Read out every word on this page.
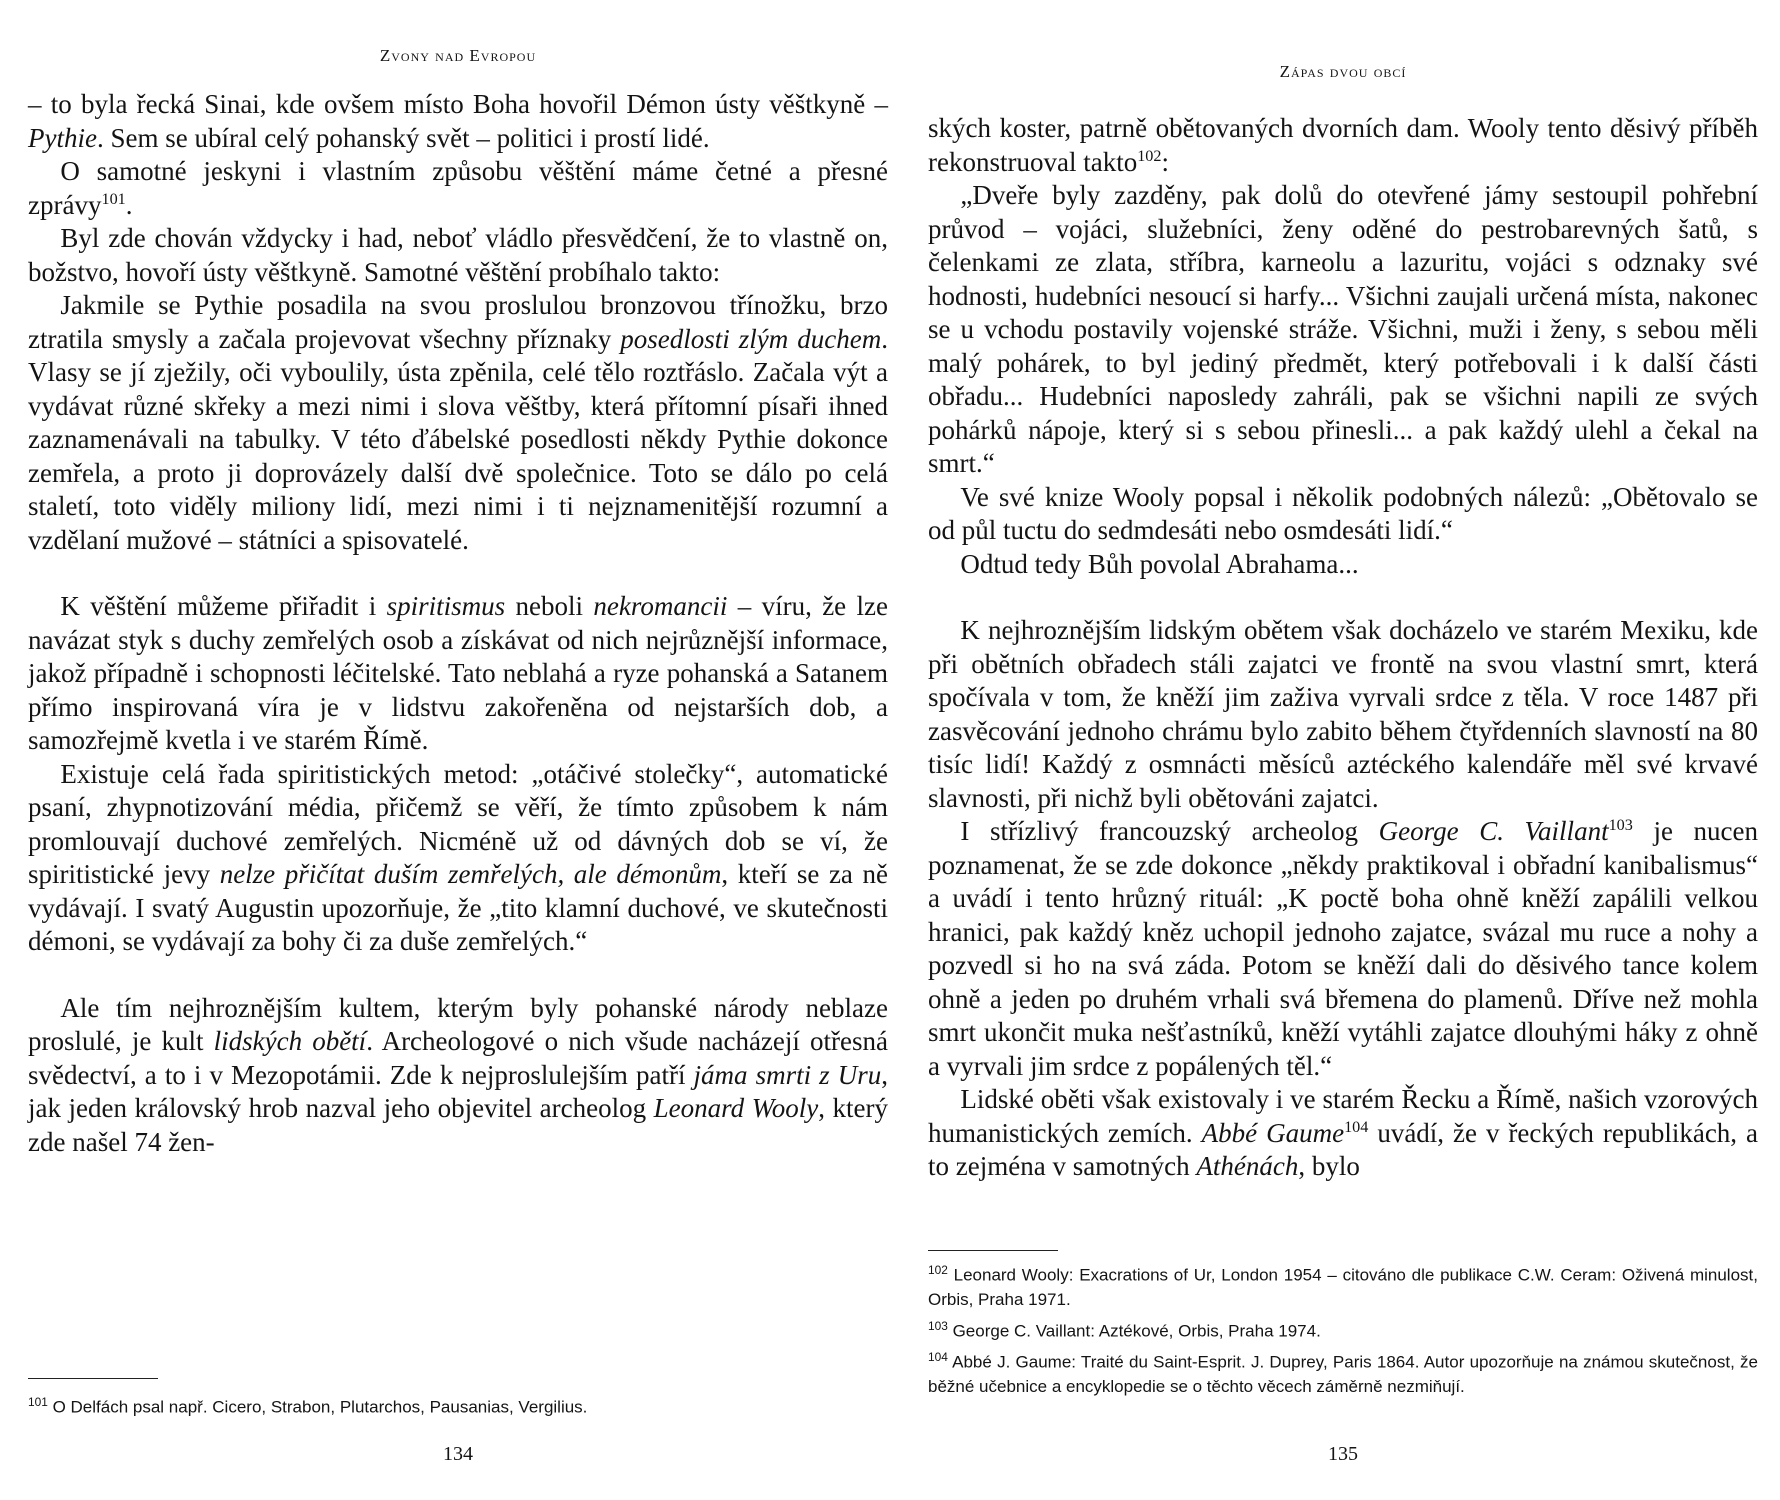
Zvony nad Evropou

– to byla řecká Sinai, kde ovšem místo Boha hovořil Démon ústy věštkyně – Pythie. Sem se ubíral celý pohanský svět – politici i prostí lidé.

O samotné jeskyni i vlastním způsobu věštění máme četné a přesné zprávy$^{101}$.

Byl zde chován vždycky i had, neboť vládlo přesvědčení, že to vlastně on, božstvo, hovoří ústy věštkyně. Samotné věštění probíhalo takto:

Jakmile se Pythie posadila na svou proslulou bronzovou třínožku, brzo ztratila smysly a začala projevovat všechny příznaky posedlosti zlým duchem. Vlasy se jí zježily, oči vyboulily, ústa zpěnila, celé tělo roztřáslo. Začala výt a vydávat různé skřeky a mezi nimi i slova věštby, která přítomní písaři ihned zaznamenávali na tabulky. V této ďábelské posedlosti někdy Pythie dokonce zemřela, a proto ji doprovázely další dvě společnice. Toto se dálo po celá staletí, toto viděly miliony lidí, mezi nimi i ti nejznamenitější rozumní a vzdělaní mužové – státníci a spisovatelé.

K věštění můžeme přiřadit i spiritismus neboli nekromancii – víru, že lze navázat styk s duchy zemřelých osob a získávat od nich nejrůznější informace, jakož případně i schopnosti léčitelské. Tato neblahá a ryze pohanská a Satanem přímo inspirovaná víra je v lidstvu zakořeněna od nejstarších dob, a samozřejmě kvetla i ve starém Římě.

Existuje celá řada spiritistických metod: „otáčivé stolečky“, automatické psaní, zhypnotizování média, přičemž se věří, že tímto způsobem k nám promlouvají duchové zemřelých. Nicméně už od dávných dob se ví, že spiritistické jevy nelze přičítat duším zemřelých, ale démonům, kteří se za ně vydávají. I svatý Augustin upozorňuje, že „tito klamní duchové, ve skutečnosti démoni, se vydávají za bohy či za duše zemřelých.“

Ale tím nejhroznějším kultem, kterým byly pohanské národy neblaze proslulé, je kult lidských obětí. Archeologové o nich všude nacházejí otřesná svědectví, a to i v Mezopotámii. Zde k nejproslulejším patří jáma smrti z Uru, jak jeden královský hrob nazval jeho objevitel archeolog Leonard Wooly, který zde našel 74 žen-

$^{101}$ O Delfách psal např. Cicero, Strabon, Plutarchos, Pausanias, Vergilius.

134
Zápas dvou obcí

ských koster, patrně obětovaných dvorních dam. Wooly tento děsivý příběh rekonstruoval takto$^{102}$:

„Dveře byly zazděny, pak dolů do otevřené jámy sestoupil pohřební průvod – vojáci, služebníci, ženy oděné do pestrobarevných šatů, s čelenkami ze zlata, stříbra, karneolu a lazuritu, vojáci s odznaky své hodnosti, hudebníci nesoucí si harfy... Všichni zaujali určená místa, nakonec se u vchodu postavily vojenské stráže. Všichni, muži i ženy, s sebou měli malý pohárek, to byl jediný předmět, který potřebovali i k další části obřadu... Hudebníci naposledy zahráli, pak se všichni napili ze svých pohárků nápoje, který si s sebou přinesli... a pak každý ulehl a čekal na smrt.“

Ve své knize Wooly popsal i několik podobných nálezů: „Obětovalo se od půl tuctu do sedmdesáti nebo osmdesáti lidí.“

Odtud tedy Bůh povolal Abrahama...

K nejhroznějším lidským obětem však docházelo ve starém Mexiku, kde při obětních obřadech stáli zajatci ve frontě na svou vlastní smrt, která spočívala v tom, že kněží jim zaživa vyrvali srdce z těla. V roce 1487 při zasvěcování jednoho chrámu bylo zabito během čtyřdenních slavností na 80 tisíc lidí! Každý z osmnácti měsíců aztéckého kalendáře měl své krvavé slavnosti, při nichž byli obětováni zajatci.

I střízlivý francouzský archeolog George C. Vaillant$^{103}$ je nucen poznamenat, že se zde dokonce „někdy praktikoval i obřadní kanibalismus“ a uvádí i tento hrůzný rituál: „K poctě boha ohně kněží zapálili velkou hranici, pak každý kněz uchopil jednoho zajatce, svázal mu ruce a nohy a pozvedl si ho na svá záda. Potom se kněží dali do děsivého tance kolem ohně a jeden po druhém vrhali svá břemena do plamenů. Dříve než mohla smrt ukončit muka nešťastníků, kněží vytáhli zajatce dlouhými háky z ohně a vyrvali jim srdce z popálených těl.“

Lidské oběti však existovaly i ve starém Řecku a Římě, našich vzorových humanistických zemích. Abbé Gaume$^{104}$ uvádí, že v řeckých republikách, a to zejména v samotných Athénách, bylo

$^{102}$ Leonard Wooly: Exacrations of Ur, London 1954 – citováno dle publikace C.W. Ceram: Oživená minulost, Orbis, Praha 1971.

$^{103}$ George C. Vaillant: Aztékové, Orbis, Praha 1974.

$^{104}$ Abbé J. Gaume: Traité du Saint-Esprit. J. Duprey, Paris 1864. Autor upozorňuje na známou skutečnost, že běžné učebnice a encyklopedie se o těchto věcech záměrně nezmiňují.

135
